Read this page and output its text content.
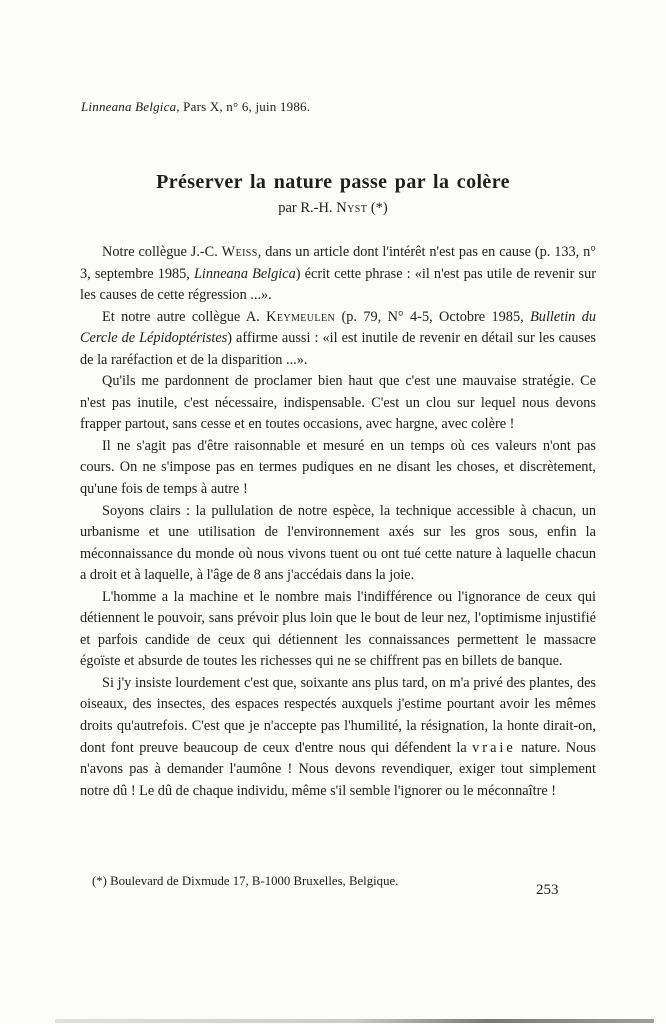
Linneana Belgica, Pars X, n° 6, juin 1986.
Préserver la nature passe par la colère
par R.-H. Nyst (*)

Notre collègue J.-C. Weiss, dans un article dont l'intérêt n'est pas en cause (p. 133, n° 3, septembre 1985, Linneana Belgica) écrit cette phrase : «il n'est pas utile de revenir sur les causes de cette régression ...».

Et notre autre collègue A. Keymeulen (p. 79, N° 4-5, Octobre 1985, Bulletin du Cercle de Lépidoptéristes) affirme aussi : «il est inutile de revenir en détail sur les causes de la raréfaction et de la disparition ...».

Qu'ils me pardonnent de proclamer bien haut que c'est une mauvaise stratégie. Ce n'est pas inutile, c'est nécessaire, indispensable. C'est un clou sur lequel nous devons frapper partout, sans cesse et en toutes occasions, avec hargne, avec colère !

Il ne s'agit pas d'être raisonnable et mesuré en un temps où ces valeurs n'ont pas cours. On ne s'impose pas en termes pudiques en ne disant les choses, et discrètement, qu'une fois de temps à autre !

Soyons clairs : la pullulation de notre espèce, la technique accessible à chacun, un urbanisme et une utilisation de l'environnement axés sur les gros sous, enfin la méconnaissance du monde où nous vivons tuent ou ont tué cette nature à laquelle chacun a droit et à laquelle, à l'âge de 8 ans j'accédais dans la joie.

L'homme a la machine et le nombre mais l'indifférence ou l'ignorance de ceux qui détiennent le pouvoir, sans prévoir plus loin que le bout de leur nez, l'optimisme injustifié et parfois candide de ceux qui détiennent les connaissances permettent le massacre égoïste et absurde de toutes les richesses qui ne se chiffrent pas en billets de banque.

Si j'y insiste lourdement c'est que, soixante ans plus tard, on m'a privé des plantes, des oiseaux, des insectes, des espaces respectés auxquels j'estime pourtant avoir les mêmes droits qu'autrefois. C'est que je n'accepte pas l'humilité, la résignation, la honte dirait-on, dont font preuve beaucoup de ceux d'entre nous qui défendent la vraie nature. Nous n'avons pas à demander l'aumône ! Nous devons revendiquer, exiger tout simplement notre dû ! Le dû de chaque individu, même s'il semble l'ignorer ou le méconnaître !

(*) Boulevard de Dixmude 17, B-1000 Bruxelles, Belgique.
253
